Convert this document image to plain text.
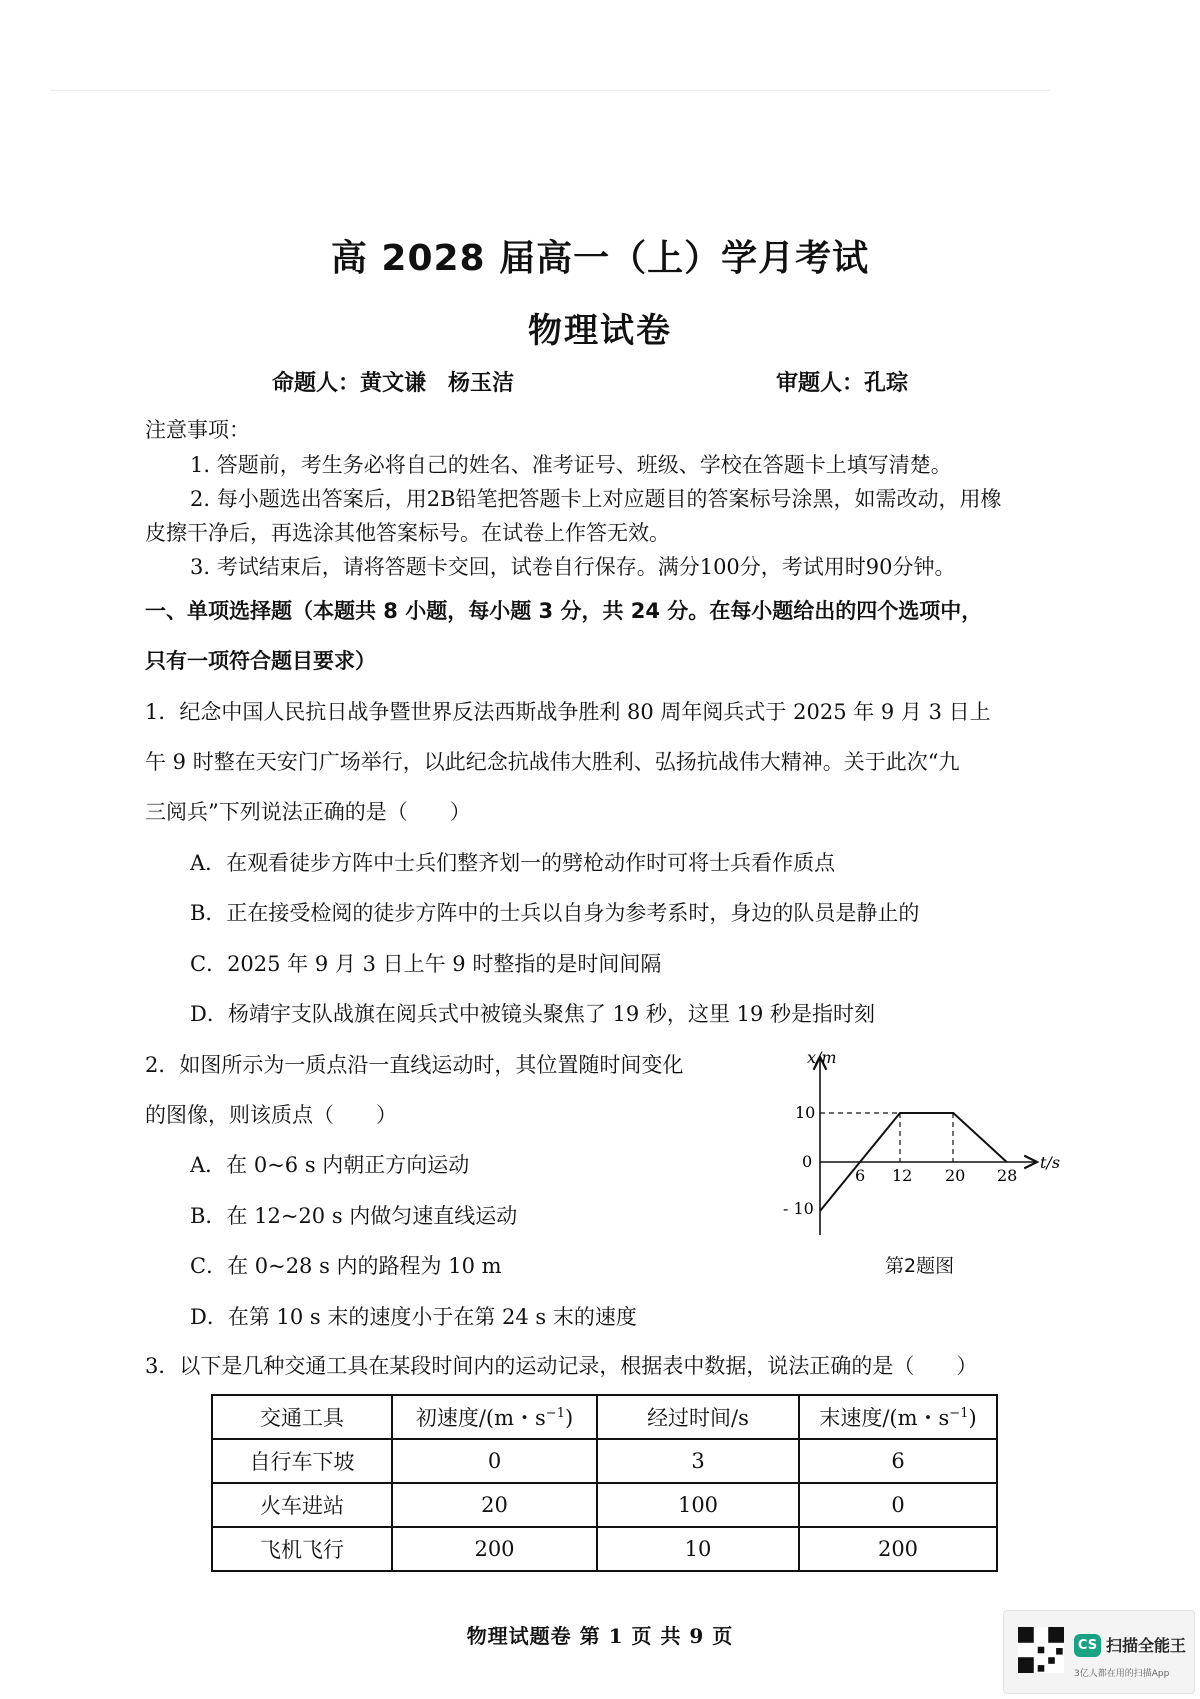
高 2028 届高一（上）学月考试
物理试卷
命题人：黄文谦 杨玉洁	审题人：孔琮
注意事项：
1. 答题前，考生务必将自己的姓名、准考证号、班级、学校在答题卡上填写清楚。
2. 每小题选出答案后，用2B铅笔把答题卡上对应题目的答案标号涂黑，如需改动，用橡
皮擦干净后，再选涂其他答案标号。在试卷上作答无效。
3. 考试结束后，请将答题卡交回，试卷自行保存。满分100分，考试用时90分钟。
一、单项选择题（本题共 8 小题，每小题 3 分，共 24 分。在每小题给出的四个选项中，
只有一项符合题目要求）
1．纪念中国人民抗日战争暨世界反法西斯战争胜利 80 周年阅兵式于 2025 年 9 月 3 日上
午 9 时整在天安门广场举行，以此纪念抗战伟大胜利、弘扬抗战伟大精神。关于此次“九
三阅兵”下列说法正确的是（　　）
A．在观看徒步方阵中士兵们整齐划一的劈枪动作时可将士兵看作质点
B．正在接受检阅的徒步方阵中的士兵以自身为参考系时，身边的队员是静止的
C．2025 年 9 月 3 日上午 9 时整指的是时间间隔
D．杨靖宇支队战旗在阅兵式中被镜头聚焦了 19 秒，这里 19 秒是指时刻
2．如图所示为一质点沿一直线运动时，其位置随时间变化
的图像，则该质点（　　）
A．在 0~6 s 内朝正方向运动
B．在 12~20 s 内做匀速直线运动
C．在 0~28 s 内的路程为 10 m
D．在第 10 s 末的速度小于在第 24 s 末的速度
x/m
t/s
10
0
- 10
6 12 20 28
第2题图
3．以下是几种交通工具在某段时间内的运动记录，根据表中数据，说法正确的是（　　）
交通工具	初速度/(m・$s^{-1}$)	经过时间/s	末速度/(m・$s^{-1}$)
自行车下坡	0	3	6
火车进站	20	100	0
飞机飞行	200	10	200
物理试题卷 第 1 页 共 9 页	CS 扫描全能王
3亿人都在用的扫描App
